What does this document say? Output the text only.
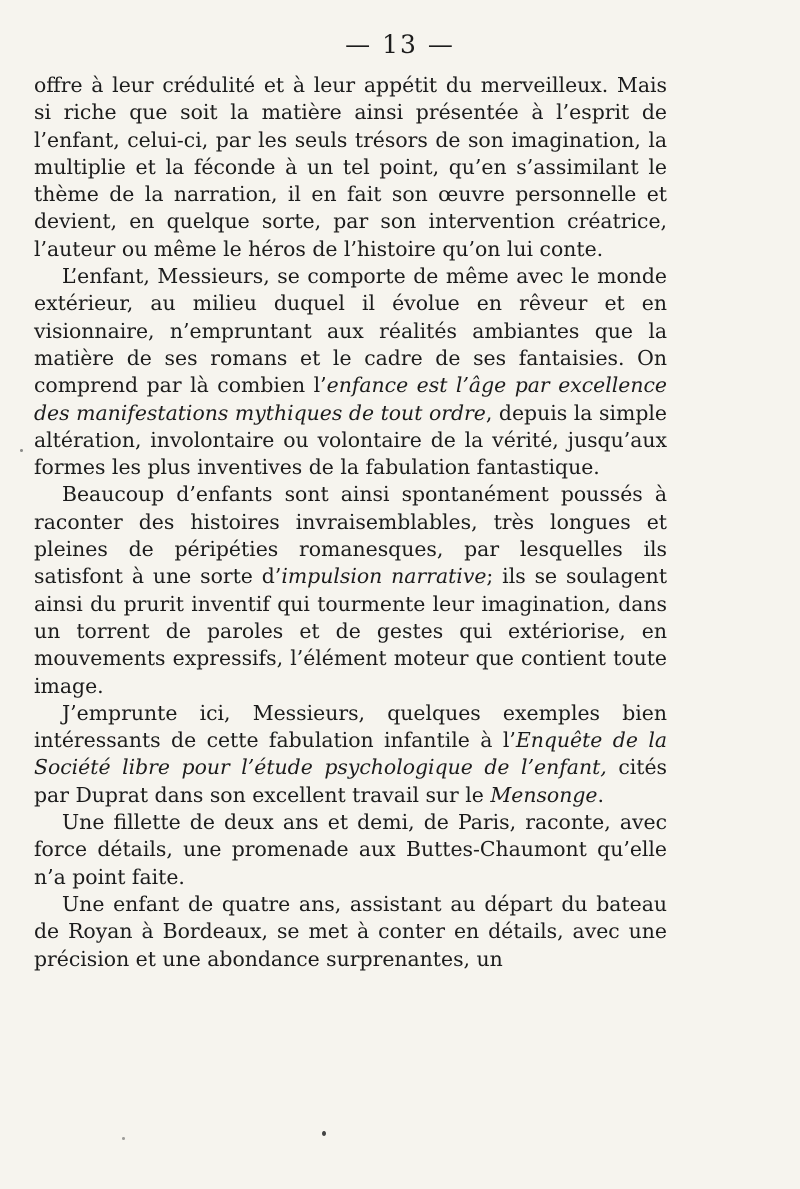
— 13 —

offre à leur crédulité et à leur appétit du merveilleux. Mais si riche que soit la matière ainsi présentée à l’esprit de l’enfant, celui-ci, par les seuls trésors de son imagination, la multiplie et la féconde à un tel point, qu’en s’assimilant le thème de la narration, il en fait son œuvre personnelle et devient, en quelque sorte, par son intervention créatrice, l’auteur ou même le héros de l’histoire qu’on lui conte.

L’enfant, Messieurs, se comporte de même avec le monde extérieur, au milieu duquel il évolue en rêveur et en visionnaire, n’empruntant aux réalités ambiantes que la matière de ses romans et le cadre de ses fantaisies. On comprend par là combien l’enfance est l’âge par excellence des manifestations mythiques de tout ordre, depuis la simple altération, involontaire ou volontaire de la vérité, jusqu’aux formes les plus inventives de la fabulation fantastique.

Beaucoup d’enfants sont ainsi spontanément poussés à raconter des histoires invraisemblables, très longues et pleines de péripéties romanesques, par lesquelles ils satisfont à une sorte d’impulsion narrative; ils se soulagent ainsi du prurit inventif qui tourmente leur imagination, dans un torrent de paroles et de gestes qui extériorise, en mouvements expressifs, l’élément moteur que contient toute image.

J’emprunte ici, Messieurs, quelques exemples bien intéressants de cette fabulation infantile à l’Enquête de la Société libre pour l’étude psychologique de l’enfant, cités par Duprat dans son excellent travail sur le Mensonge.

Une fillette de deux ans et demi, de Paris, raconte, avec force détails, une promenade aux Buttes-Chaumont qu’elle n’a point faite.

Une enfant de quatre ans, assistant au départ du bateau de Royan à Bordeaux, se met à conter en détails, avec une précision et une abondance surprenantes, un
